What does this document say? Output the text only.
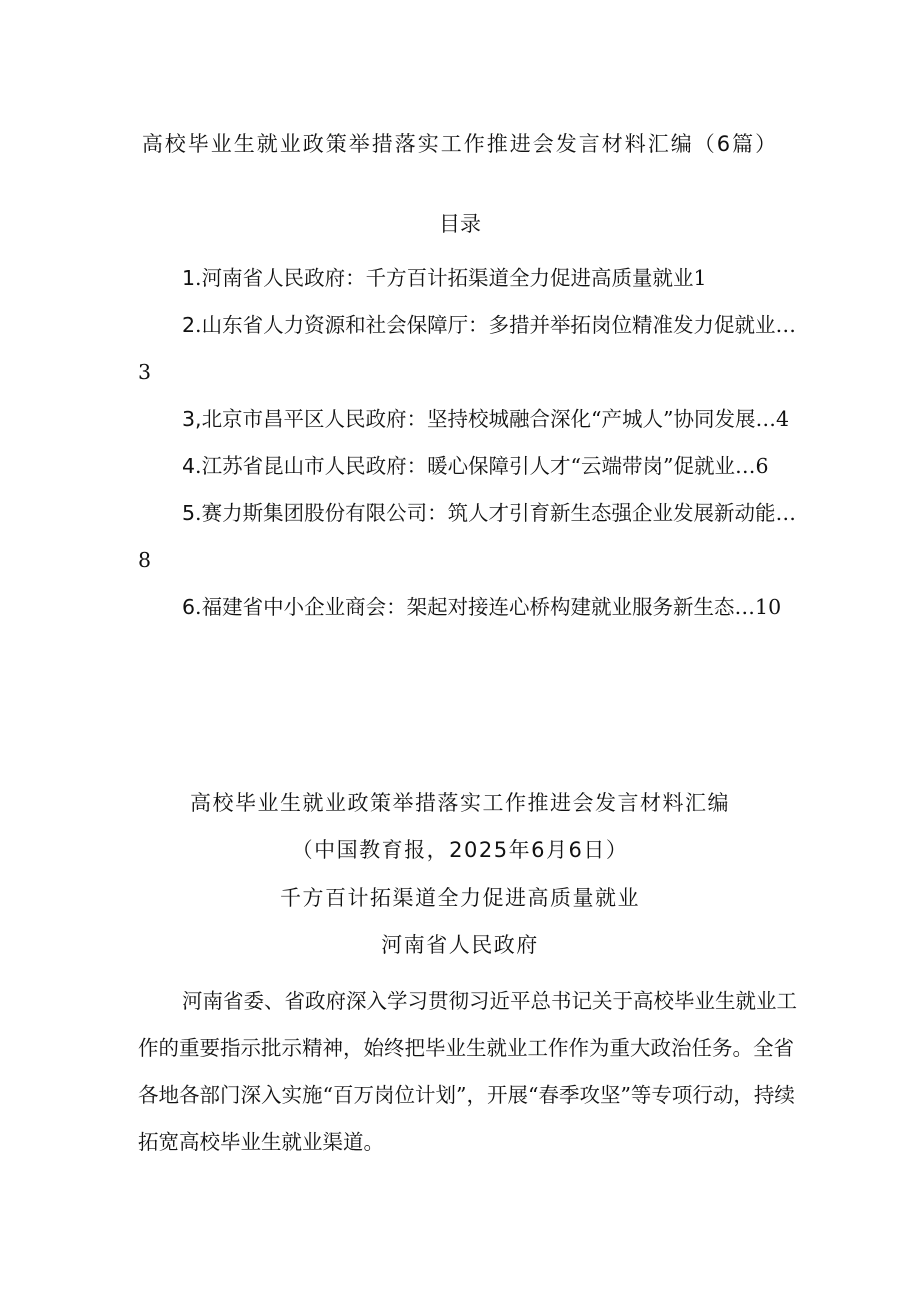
高校毕业生就业政策举措落实工作推进会发言材料汇编（6篇）
目录

1.河南省人民政府：千方百计拓渠道全力促进高质量就业1

2.山东省人力资源和社会保障厅：多措并举拓岗位精准发力促就业…3

3,北京市昌平区人民政府：坚持校城融合深化“产城人”协同发展…4

4.江苏省昆山市人民政府：暖心保障引人才“云端带岗”促就业…6

5.赛力斯集团股份有限公司：筑人才引育新生态强企业发展新动能…8

6.福建省中小企业商会：架起对接连心桥构建就业服务新生态…10

高校毕业生就业政策举措落实工作推进会发言材料汇编
（中国教育报，2025年6月6日）
千方百计拓渠道全力促进高质量就业
河南省人民政府

河南省委、省政府深入学习贯彻习近平总书记关于高校毕业生就业工作的重要指示批示精神，始终把毕业生就业工作作为重大政治任务。全省各地各部门深入实施“百万岗位计划”，开展“春季攻坚”等专项行动，持续拓宽高校毕业生就业渠道。
